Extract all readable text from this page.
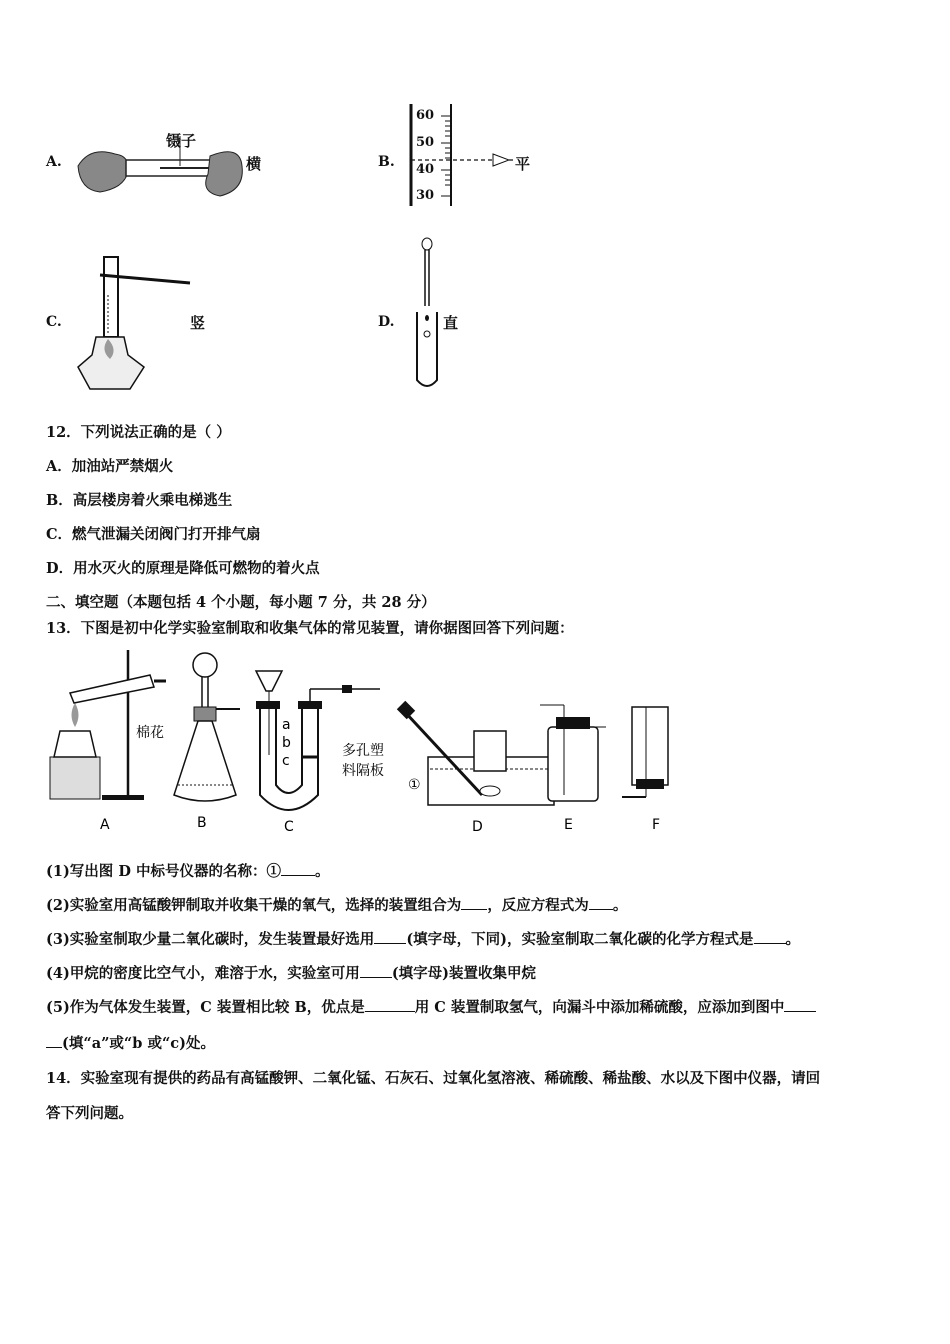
A.
镊子
横	B.
60
50
40
30
平
C.	竖	D.	直
12．下列说法正确的是（ ）
A．加油站严禁烟火
B．高层楼房着火乘电梯逃生
C．燃气泄漏关闭阀门打开排气扇
D．用水灭火的原理是降低可燃物的着火点
二、填空题（本题包括 4 个小题，每小题 7 分，共 28 分）
13．下图是初中化学实验室制取和收集气体的常见装置，请你据图回答下列问题：
棉花	a
b
c
多孔塑
料隔板
①
A	B	C	D	E	F
(1)写出图 D 中标号仪器的名称：① 。
(2)实验室用高锰酸钾制取并收集干燥的氧气，选择的装置组合为 ，反应方程式为 。
(3)实验室制取少量二氧化碳时，发生装置最好选用 (填字母，下同)，实验室制取二氧化碳的化学方程式是 。
(4)甲烷的密度比空气小，难溶于水，实验室可用 (填字母)装置收集甲烷
(5)作为气体发生装置，C 装置相比较 B，优点是	用 C 装置制取氢气，向漏斗中添加稀硫酸，应添加到图中
(填“a”或“b 或“c)处。
14．实验室现有提供的药品有高锰酸钾、二氧化锰、石灰石、过氧化氢溶液、稀硫酸、稀盐酸、水以及下图中仪器，请回
答下列问题。
